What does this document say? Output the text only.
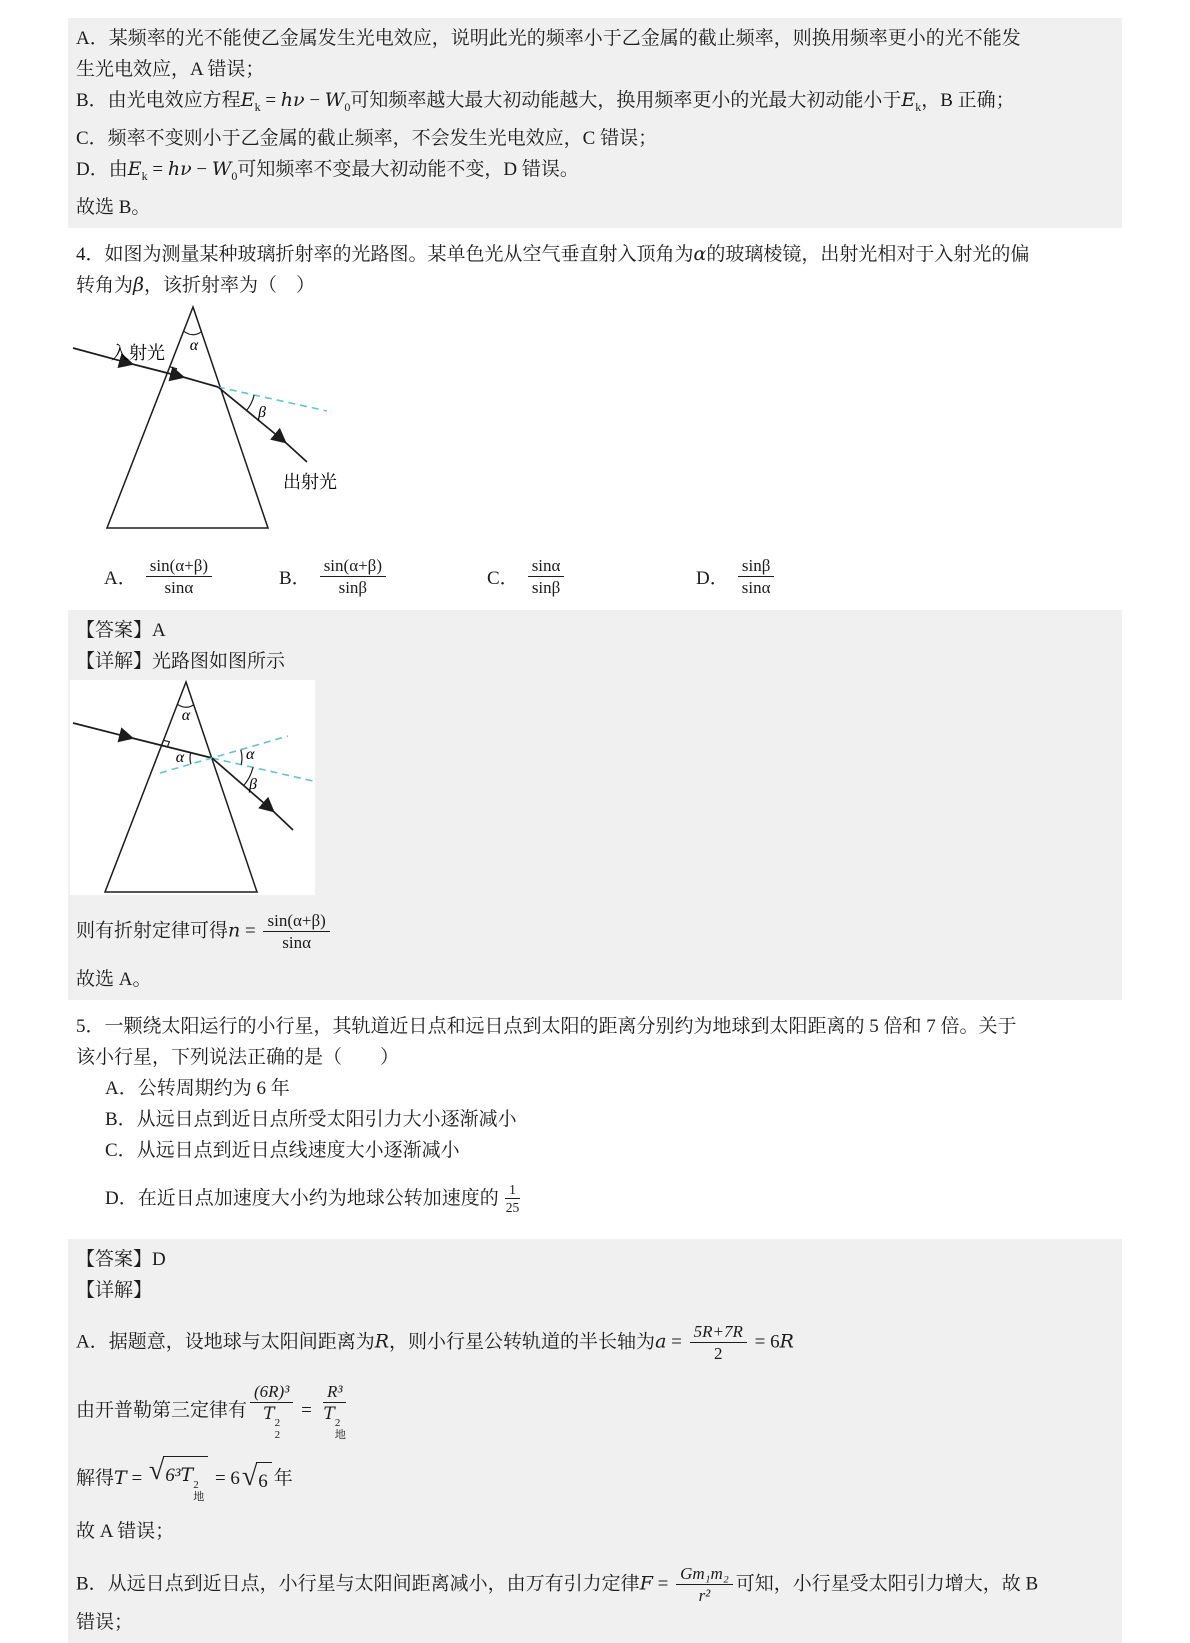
A．某频率的光不能使乙金属发生光电效应，说明此光的频率小于乙金属的截止频率，则换用频率更小的光不能发
生光电效应，A 错误；

B．由光电效应方程$E_k = h\nu - W_0$可知频率越大最大初动能越大，换用频率更小的光最大初动能小于$E_k$，B 正确；

C．频率不变则小于乙金属的截止频率，不会发生光电效应，C 错误；

D．由$E_k = h\nu - W_0$可知频率不变最大初动能不变，D 错误。

故选 B。

4．如图为测量某种玻璃折射率的光路图。某单色光从空气垂直射入顶角为α的玻璃棱镜，出射光相对于入射光的偏
转角为β，该折射率为（　）

入射光 α
β
出射光
A． $\frac{\sin(\alpha+\beta)}{\sin\alpha}$	B． $\frac{\sin(\alpha+\beta)}{\sin\beta}$	C． $\frac{\sin\alpha}{\sin\beta}$	D． $\frac{\sin\beta}{\sin\alpha}$

【答案】A

【详解】光路图如图所示

α
α	α
β

则有折射定律可得$n = \frac{\sin(\alpha+\beta)}{\sin\alpha}$

故选 A。

5．一颗绕太阳运行的小行星，其轨道近日点和远日点到太阳的距离分别约为地球到太阳距离的 5 倍和 7 倍。关于
该小行星，下列说法正确的是（　　）

A．公转周期约为 6 年

B．从远日点到近日点所受太阳引力大小逐渐减小

C．从远日点到近日点线速度大小逐渐减小

D．在近日点加速度大小约为地球公转加速度的 $\frac{1}{25}$

【答案】D

【详解】

A．据题意，设地球与太阳间距离为R，则小行星公转轨道的半长轴为$a = \frac{5R+7R}{2} = 6R$

由开普勒第三定律有 (6R)³
T 2
2 = R³
T 2
地

解得T = √ 6³T 2
地
= 6 √ 6 年

故 A 错误；

B．从远日点到近日点，小行星与太阳间距离减小，由万有引力定律$F = \frac{\text{Gm₁m₂}}{\text{r²}}$ 可知，小行星受太阳引力增大，故 B
错误；
